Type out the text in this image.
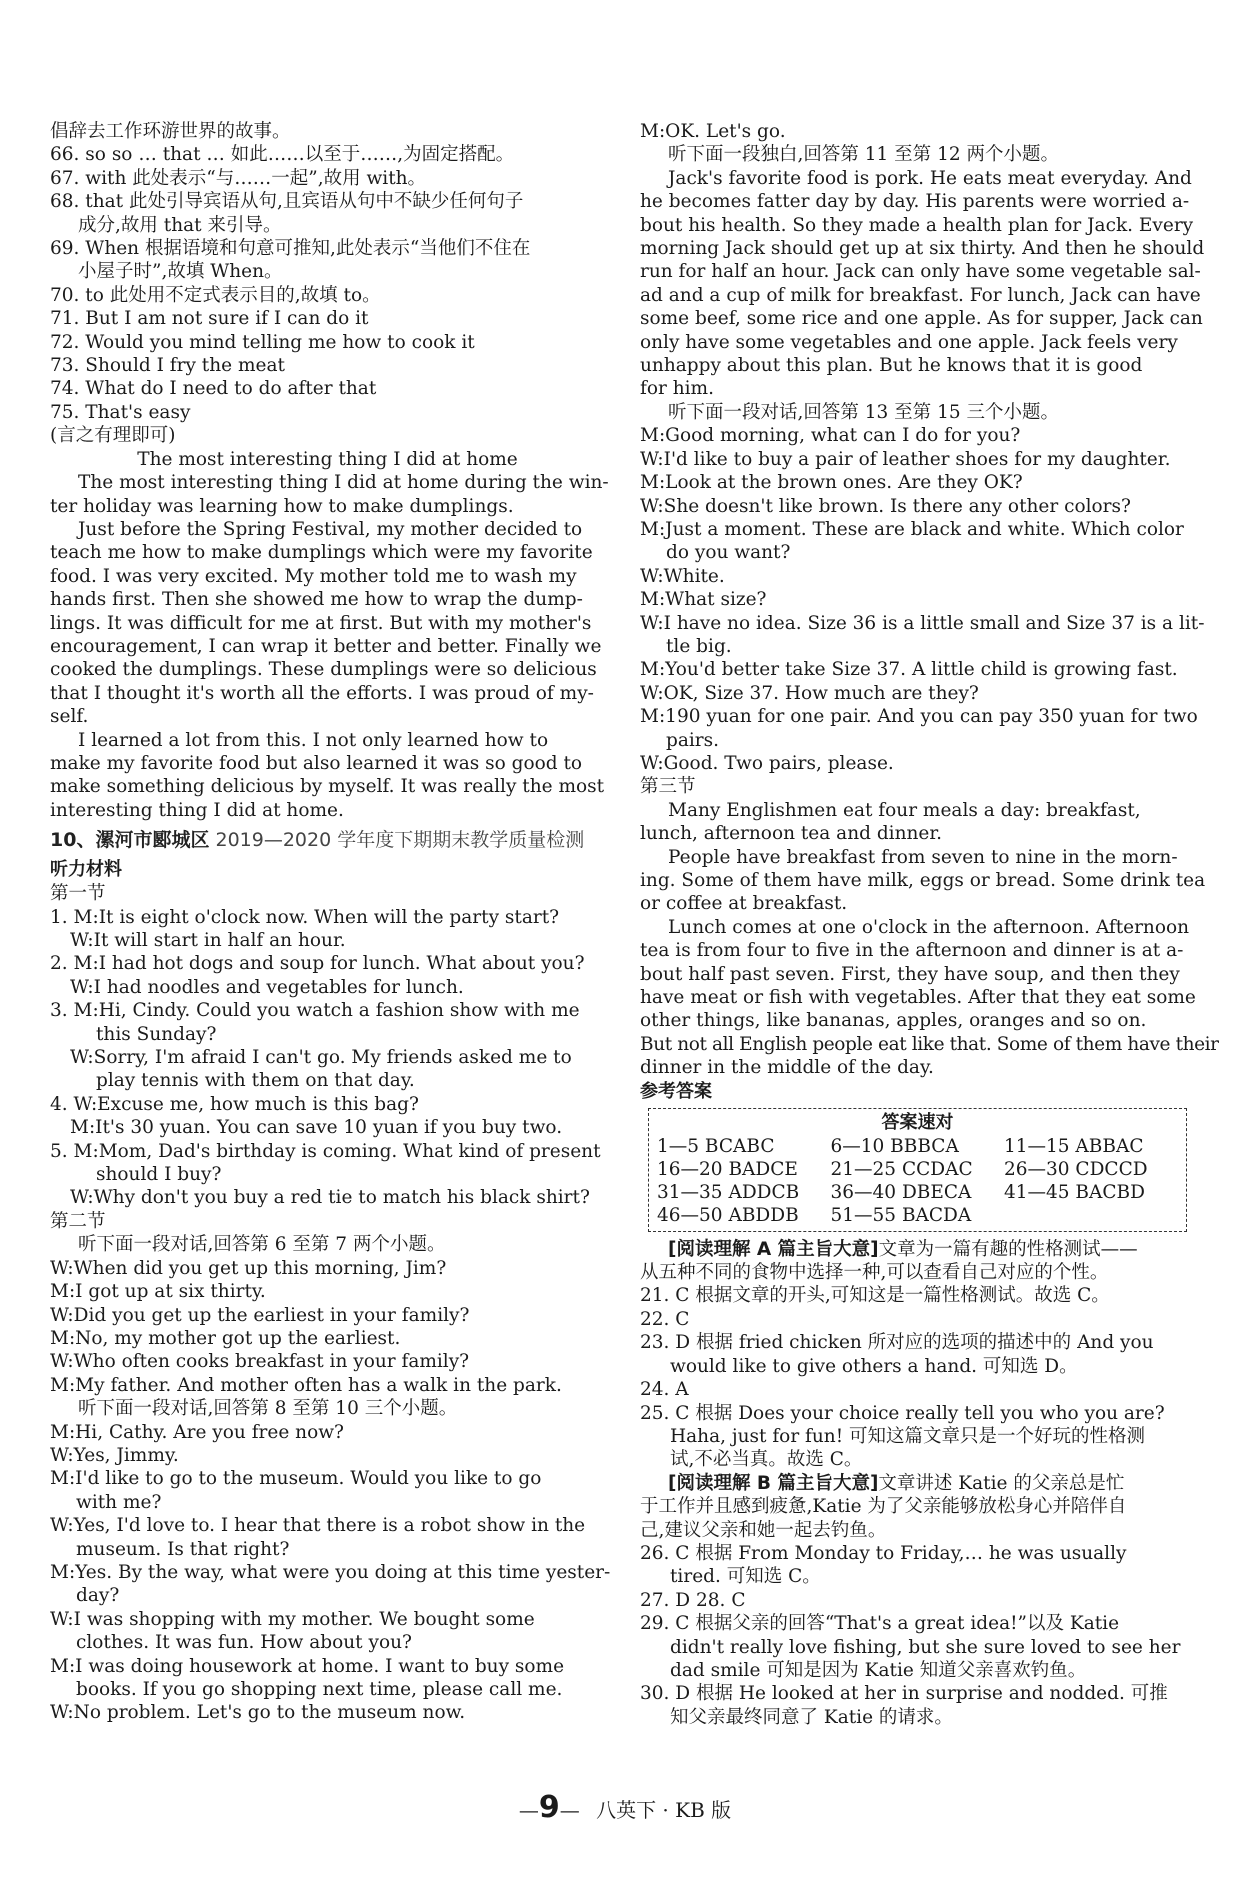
倡辞去工作环游世界的故事。
66. so so … that … 如此……以至于……,为固定搭配。
67. with 此处表示“与……一起”,故用 with。
68. that 此处引导宾语从句,且宾语从句中不缺少任何句子
成分,故用 that 来引导。
69. When 根据语境和句意可推知,此处表示“当他们不住在
小屋子时”,故填 When。
70. to 此处用不定式表示目的,故填 to。
71. But I am not sure if I can do it
72. Would you mind telling me how to cook it
73. Should I fry the meat
74. What do I need to do after that
75. That's easy
(言之有理即可)
The most interesting thing I did at home
The most interesting thing I did at home during the win-
ter holiday was learning how to make dumplings.
Just before the Spring Festival, my mother decided to
teach me how to make dumplings which were my favorite
food. I was very excited. My mother told me to wash my
hands first. Then she showed me how to wrap the dump-
lings. It was difficult for me at first. But with my mother's
encouragement, I can wrap it better and better. Finally we
cooked the dumplings. These dumplings were so delicious
that I thought it's worth all the efforts. I was proud of my-
self.
I learned a lot from this. I not only learned how to
make my favorite food but also learned it was so good to
make something delicious by myself. It was really the most
interesting thing I did at home.
10、漯河市郾城区 2019—2020 学年度下期期末教学质量检测
听力材料
第一节
1. M:It is eight o'clock now. When will the party start?
W:It will start in half an hour.
2. M:I had hot dogs and soup for lunch. What about you?
W:I had noodles and vegetables for lunch.
3. M:Hi, Cindy. Could you watch a fashion show with me
this Sunday?
W:Sorry, I'm afraid I can't go. My friends asked me to
play tennis with them on that day.
4. W:Excuse me, how much is this bag?
M:It's 30 yuan. You can save 10 yuan if you buy two.
5. M:Mom, Dad's birthday is coming. What kind of present
should I buy?
W:Why don't you buy a red tie to match his black shirt?
第二节
听下面一段对话,回答第 6 至第 7 两个小题。
W:When did you get up this morning, Jim?
M:I got up at six thirty.
W:Did you get up the earliest in your family?
M:No, my mother got up the earliest.
W:Who often cooks breakfast in your family?
M:My father. And mother often has a walk in the park.
听下面一段对话,回答第 8 至第 10 三个小题。
M:Hi, Cathy. Are you free now?
W:Yes, Jimmy.
M:I'd like to go to the museum. Would you like to go
with me?
W:Yes, I'd love to. I hear that there is a robot show in the
museum. Is that right?
M:Yes. By the way, what were you doing at this time yester-
day?
W:I was shopping with my mother. We bought some
clothes. It was fun. How about you?
M:I was doing housework at home. I want to buy some
books. If you go shopping next time, please call me.
W:No problem. Let's go to the museum now.
M:OK. Let's go.
听下面一段独白,回答第 11 至第 12 两个小题。
Jack's favorite food is pork. He eats meat everyday. And
he becomes fatter day by day. His parents were worried a-
bout his health. So they made a health plan for Jack. Every
morning Jack should get up at six thirty. And then he should
run for half an hour. Jack can only have some vegetable sal-
ad and a cup of milk for breakfast. For lunch, Jack can have
some beef, some rice and one apple. As for supper, Jack can
only have some vegetables and one apple. Jack feels very
unhappy about this plan. But he knows that it is good
for him.
听下面一段对话,回答第 13 至第 15 三个小题。
M:Good morning, what can I do for you?
W:I'd like to buy a pair of leather shoes for my daughter.
M:Look at the brown ones. Are they OK?
W:She doesn't like brown. Is there any other colors?
M:Just a moment. These are black and white. Which color
do you want?
W:White.
M:What size?
W:I have no idea. Size 36 is a little small and Size 37 is a lit-
tle big.
M:You'd better take Size 37. A little child is growing fast.
W:OK, Size 37. How much are they?
M:190 yuan for one pair. And you can pay 350 yuan for two
pairs.
W:Good. Two pairs, please.
第三节
Many Englishmen eat four meals a day: breakfast,
lunch, afternoon tea and dinner.
People have breakfast from seven to nine in the morn-
ing. Some of them have milk, eggs or bread. Some drink tea
or coffee at breakfast.
Lunch comes at one o'clock in the afternoon. Afternoon
tea is from four to five in the afternoon and dinner is at a-
bout half past seven. First, they have soup, and then they
have meat or fish with vegetables. After that they eat some
other things, like bananas, apples, oranges and so on.
But not all English people eat like that. Some of them have their
dinner in the middle of the day.
参考答案
答案速对
1—5 BCABC	6—10 BBBCA	11—15 ABBAC
16—20 BADCE	21—25 CCDAC	26—30 CDCCD
31—35 ADDCB	36—40 DBECA	41—45 BACBD
46—50 ABDDB	51—55 BACDA
[阅读理解 A 篇主旨大意]文章为一篇有趣的性格测试——
从五种不同的食物中选择一种,可以查看自己对应的个性。
21. C 根据文章的开头,可知这是一篇性格测试。故选 C。
22. C
23. D 根据 fried chicken 所对应的选项的描述中的 And you
would like to give others a hand. 可知选 D。
24. A
25. C 根据 Does your choice really tell you who you are?
Haha, just for fun! 可知这篇文章只是一个好玩的性格测
试,不必当真。故选 C。
[阅读理解 B 篇主旨大意]文章讲述 Katie 的父亲总是忙
于工作并且感到疲惫,Katie 为了父亲能够放松身心并陪伴自
己,建议父亲和她一起去钓鱼。
26. C 根据 From Monday to Friday,… he was usually
tired. 可知选 C。
27. D 28. C
29. C 根据父亲的回答“That's a great idea!”以及 Katie
didn't really love fishing, but she sure loved to see her
dad smile 可知是因为 Katie 知道父亲喜欢钓鱼。
30. D 根据 He looked at her in surprise and nodded. 可推
知父亲最终同意了 Katie 的请求。
—9— 八英下 · KB 版
